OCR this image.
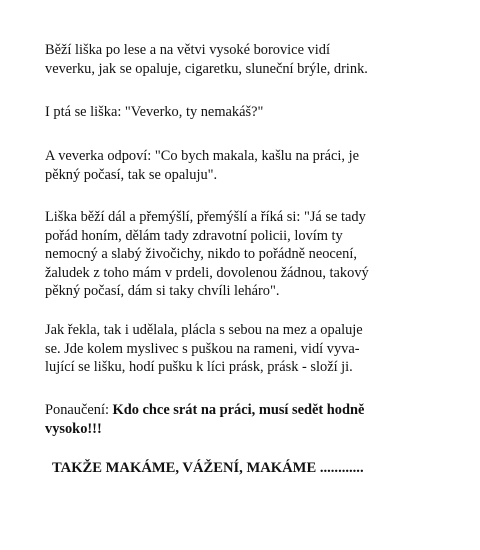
Běží liška po lese a na větvi vysoké borovice vidí
veverku, jak se opaluje, cigaretku, sluneční brýle, drink.

I ptá se liška: "Veverko, ty nemakáš?"

A veverka odpoví: "Co bych makala, kašlu na práci, je
pěkný počasí, tak se opaluju".

Liška běží dál a přemýšlí, přemýšlí a říká si: "Já se tady
pořád honím, dělám tady zdravotní policii, lovím ty
nemocný a slabý živočichy, nikdo to pořádně neocení,
žaludek z toho mám v prdeli, dovolenou žádnou, takový
pěkný počasí, dám si taky chvíli leháro".

Jak řekla, tak i udělala, plácla s sebou na mez a opaluje
se. Jde kolem myslivec s puškou na rameni, vidí vyva-
lující se lišku, hodí pušku k líci prásk, prásk - složí ji.

Ponaučení: Kdo chce srát na práci, musí sedět hodně
vysoko!!!

TAKŽE MAKÁME, VÁŽENÍ, MAKÁME ............
